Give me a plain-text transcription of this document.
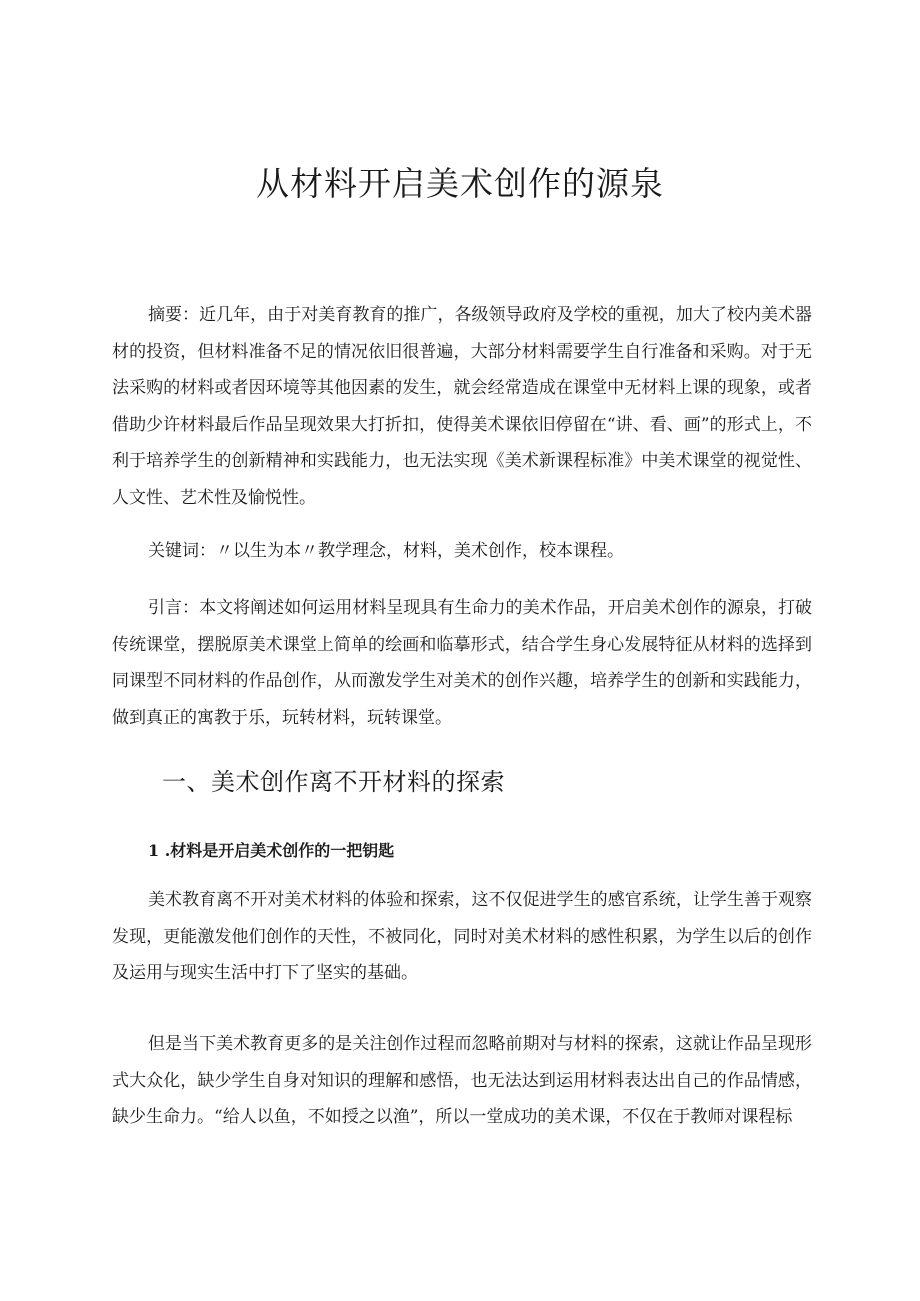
从材料开启美术创作的源泉

摘要：近几年，由于对美育教育的推广，各级领导政府及学校的重视，加大了校内美术器材的投资，但材料准备不足的情况依旧很普遍，大部分材料需要学生自行准备和采购。对于无法采购的材料或者因环境等其他因素的发生，就会经常造成在课堂中无材料上课的现象，或者借助少许材料最后作品呈现效果大打折扣，使得美术课依旧停留在“讲、看、画”的形式上，不利于培养学生的创新精神和实践能力，也无法实现《美术新课程标准》中美术课堂的视觉性、人文性、艺术性及愉悦性。

关键词：〃以生为本〃教学理念，材料，美术创作，校本课程。

引言：本文将阐述如何运用材料呈现具有生命力的美术作品，开启美术创作的源泉，打破传统课堂，摆脱原美术课堂上简单的绘画和临摹形式，结合学生身心发展特征从材料的选择到同课型不同材料的作品创作，从而激发学生对美术的创作兴趣，培养学生的创新和实践能力，做到真正的寓教于乐，玩转材料，玩转课堂。

一、美术创作离不开材料的探索
1 .材料是开启美术创作的一把钥匙

美术教育离不开对美术材料的体验和探索，这不仅促进学生的感官系统，让学生善于观察发现，更能激发他们创作的天性，不被同化，同时对美术材料的感性积累，为学生以后的创作及运用与现实生活中打下了坚实的基础。

但是当下美术教育更多的是关注创作过程而忽略前期对与材料的探索，这就让作品呈现形式大众化，缺少学生自身对知识的理解和感悟，也无法达到运用材料表达出自己的作品情感，缺少生命力。“给人以鱼，不如授之以渔”，所以一堂成功的美术课，不仅在于教师对课程标
